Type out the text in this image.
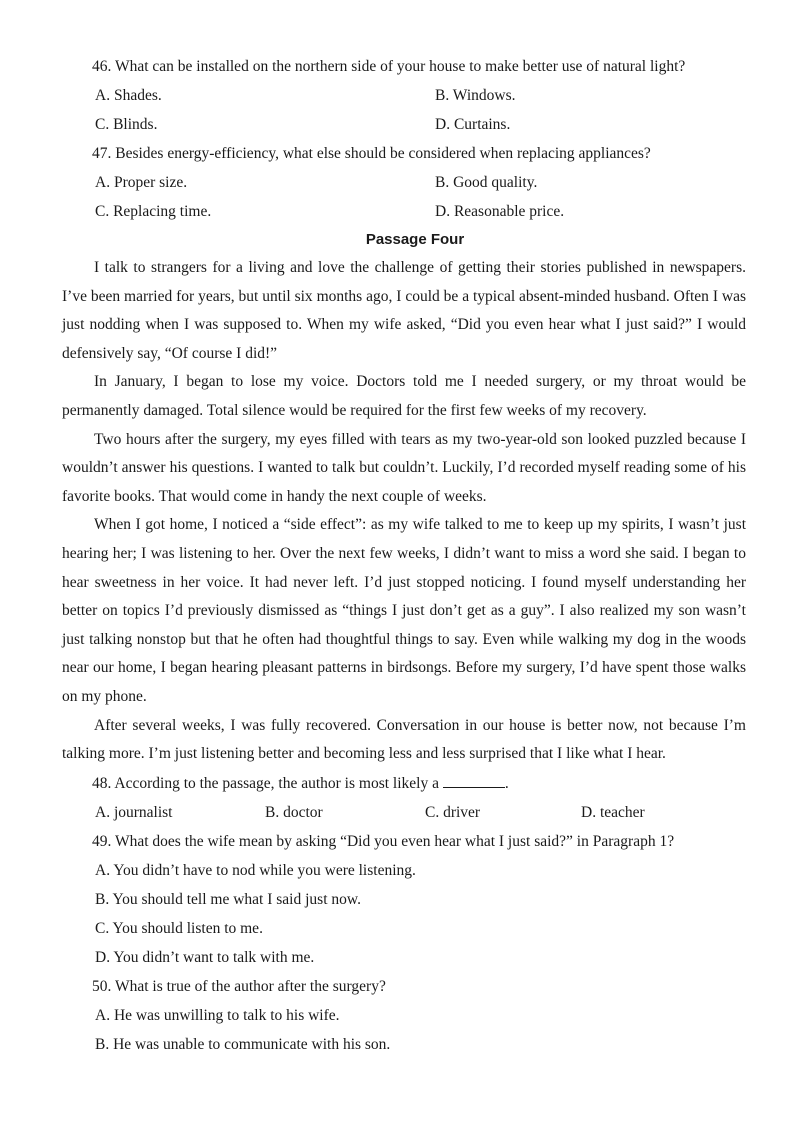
46. What can be installed on the northern side of your house to make better use of natural light?

A. Shades.	B. Windows.
C. Blinds.	D. Curtains.

47. Besides energy-efficiency, what else should be considered when replacing appliances?

A. Proper size.	B. Good quality.
C. Replacing time.	D. Reasonable price.
Passage Four

I talk to strangers for a living and love the challenge of getting their stories published in newspapers. I’ve been married for years, but until six months ago, I could be a typical absent-minded husband. Often I was just nodding when I was supposed to. When my wife asked, “Did you even hear what I just said?” I would defensively say, “Of course I did!”

In January, I began to lose my voice. Doctors told me I needed surgery, or my throat would be permanently damaged. Total silence would be required for the first few weeks of my recovery.

Two hours after the surgery, my eyes filled with tears as my two-year-old son looked puzzled because I wouldn’t answer his questions. I wanted to talk but couldn’t. Luckily, I’d recorded myself reading some of his favorite books. That would come in handy the next couple of weeks.

When I got home, I noticed a “side effect”: as my wife talked to me to keep up my spirits, I wasn’t just hearing her; I was listening to her. Over the next few weeks, I didn’t want to miss a word she said. I began to hear sweetness in her voice. It had never left. I’d just stopped noticing. I found myself understanding her better on topics I’d previously dismissed as “things I just don’t get as a guy”. I also realized my son wasn’t just talking nonstop but that he often had thoughtful things to say. Even while walking my dog in the woods near our home, I began hearing pleasant patterns in birdsongs. Before my surgery, I’d have spent those walks on my phone.

After several weeks, I was fully recovered. Conversation in our house is better now, not because I’m talking more. I’m just listening better and becoming less and less surprised that I like what I hear.

48. According to the passage, the author is most likely a	.

A. journalist	B. doctor	C. driver	D. teacher

49. What does the wife mean by asking “Did you even hear what I just said?” in Paragraph 1?

A. You didn’t have to nod while you were listening.
B. You should tell me what I said just now.
C. You should listen to me.
D. You didn’t want to talk with me.

50. What is true of the author after the surgery?

A. He was unwilling to talk to his wife.
B. He was unable to communicate with his son.
